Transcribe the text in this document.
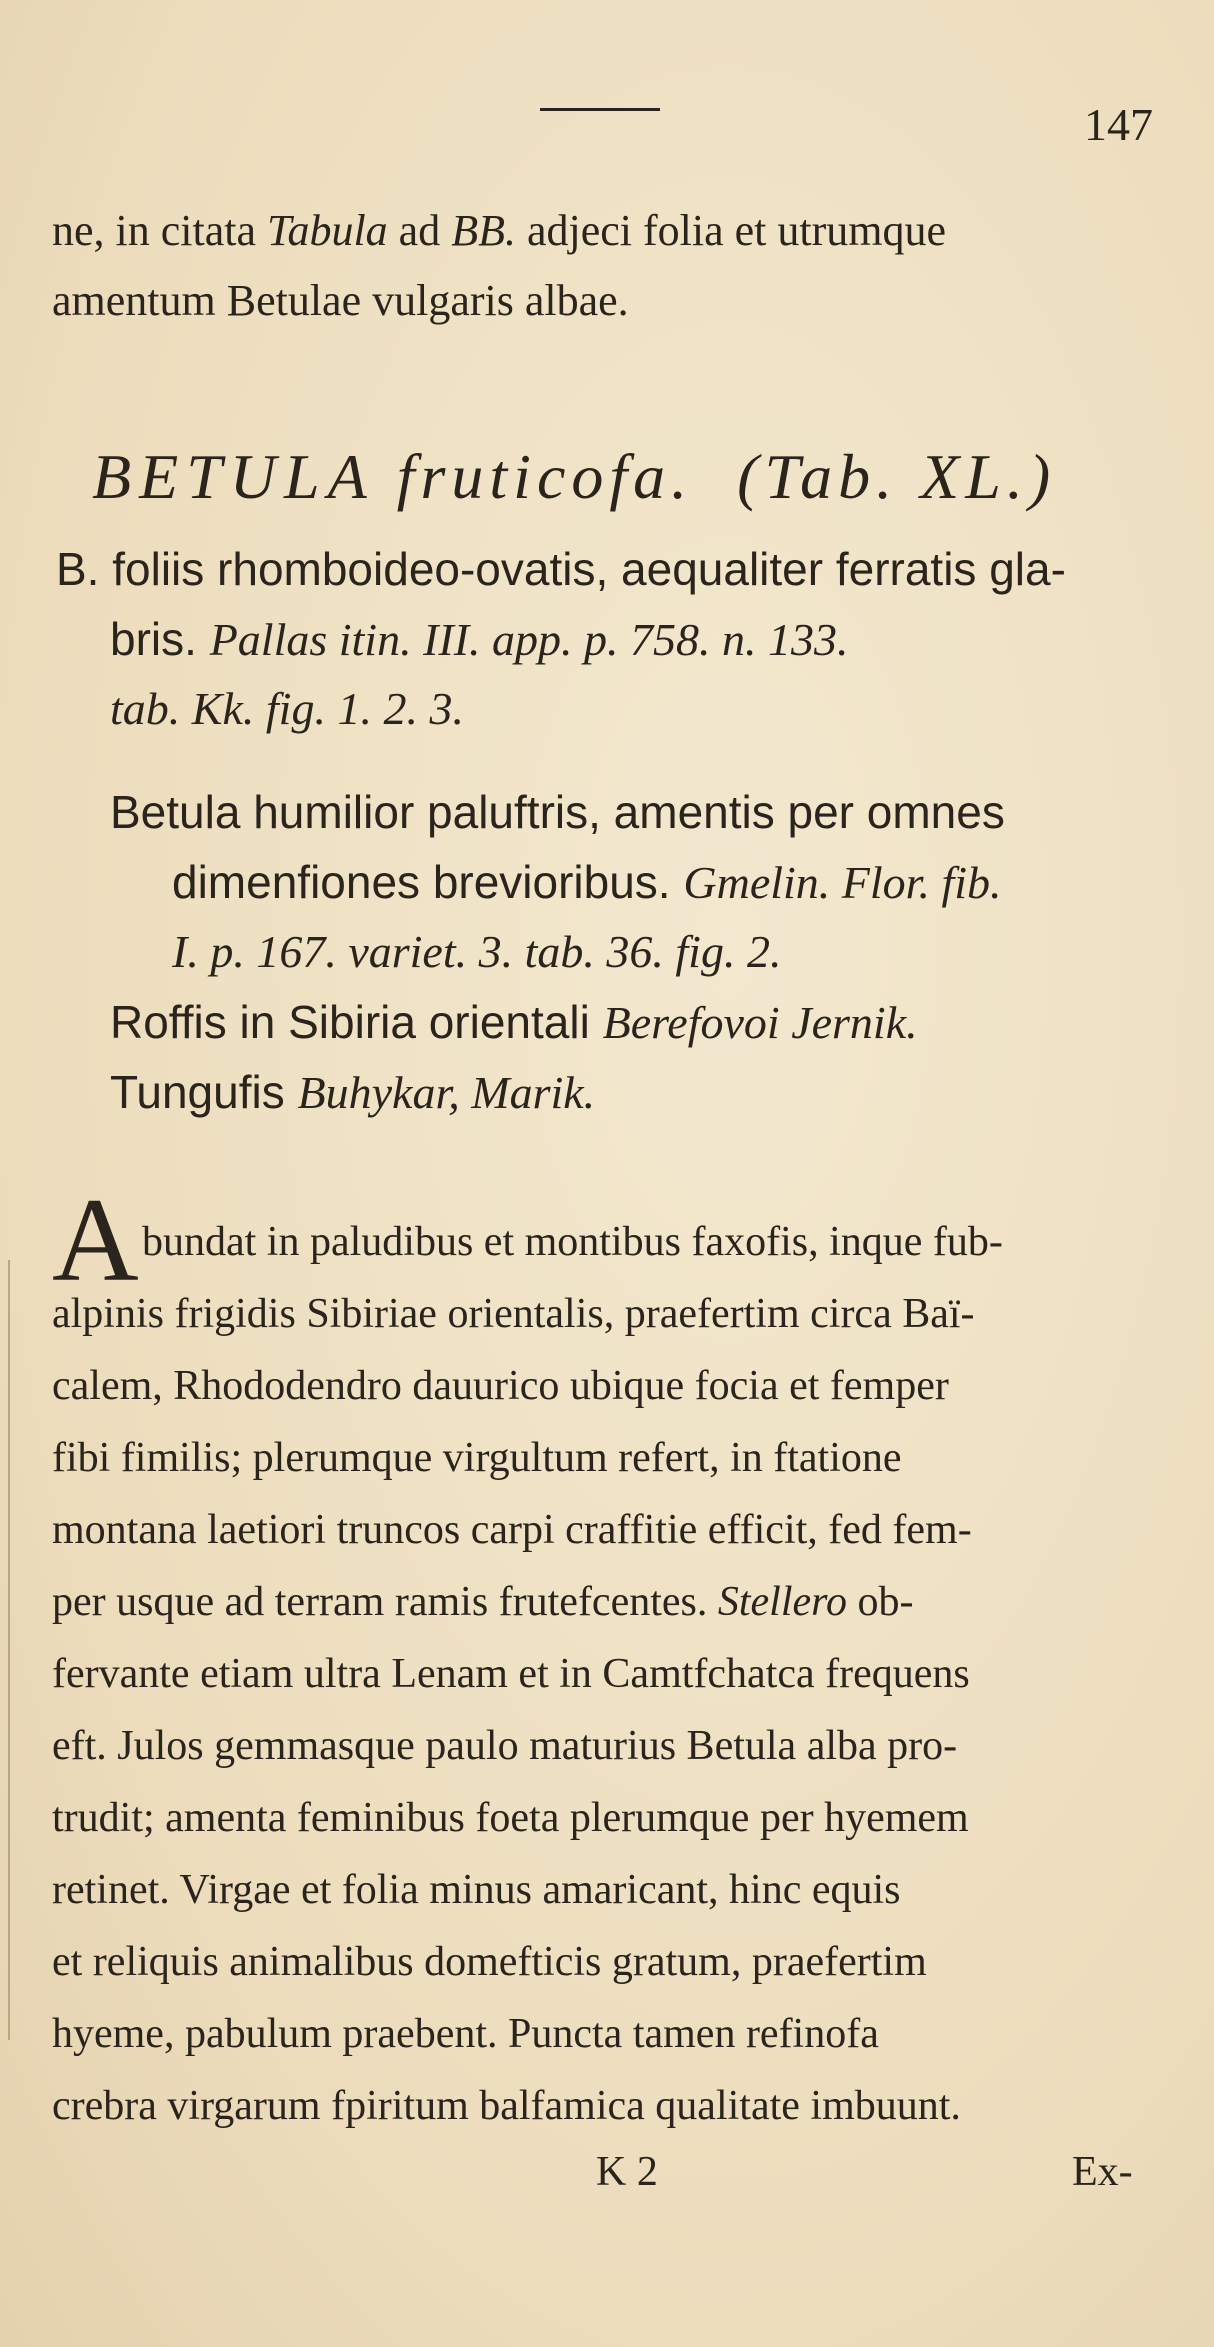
147
ne, in citata Tabula ad BB. adjeci folia et utrumque
amentum Betulae vulgaris albae.
BETULA fruticofa. (Tab. XL.)
B. foliis rhomboideo-ovatis, aequaliter ferratis gla-
bris. Pallas itin. III. app. p. 758. n. 133.
tab. Kk. fig. 1. 2. 3.
Betula humilior paluftris, amentis per omnes
dimenfiones brevioribus. Gmelin. Flor. fib.
I. p. 167. variet. 3. tab. 36. fig. 2.
Roffis in Sibiria orientali Berefovoi Jernik.
Tungufis Buhykar, Marik.
A bundat in paludibus et montibus faxofis, inque fub-
alpinis frigidis Sibiriae orientalis, praefertim circa Baï-
calem, Rhododendro dauurico ubique focia et femper
fibi fimilis; plerumque virgultum refert, in ftatione
montana laetiori truncos carpi craffitie efficit, fed fem-
per usque ad terram ramis frutefcentes. Stellero ob-
fervante etiam ultra Lenam et in Camtfchatca frequens
eft. Julos gemmasque paulo maturius Betula alba pro-
trudit; amenta feminibus foeta plerumque per hyemem
retinet. Virgae et folia minus amaricant, hinc equis
et reliquis animalibus domefticis gratum, praefertim
hyeme, pabulum praebent. Puncta tamen refinofa
crebra virgarum fpiritum balfamica qualitate imbuunt.
K 2	Ex-
